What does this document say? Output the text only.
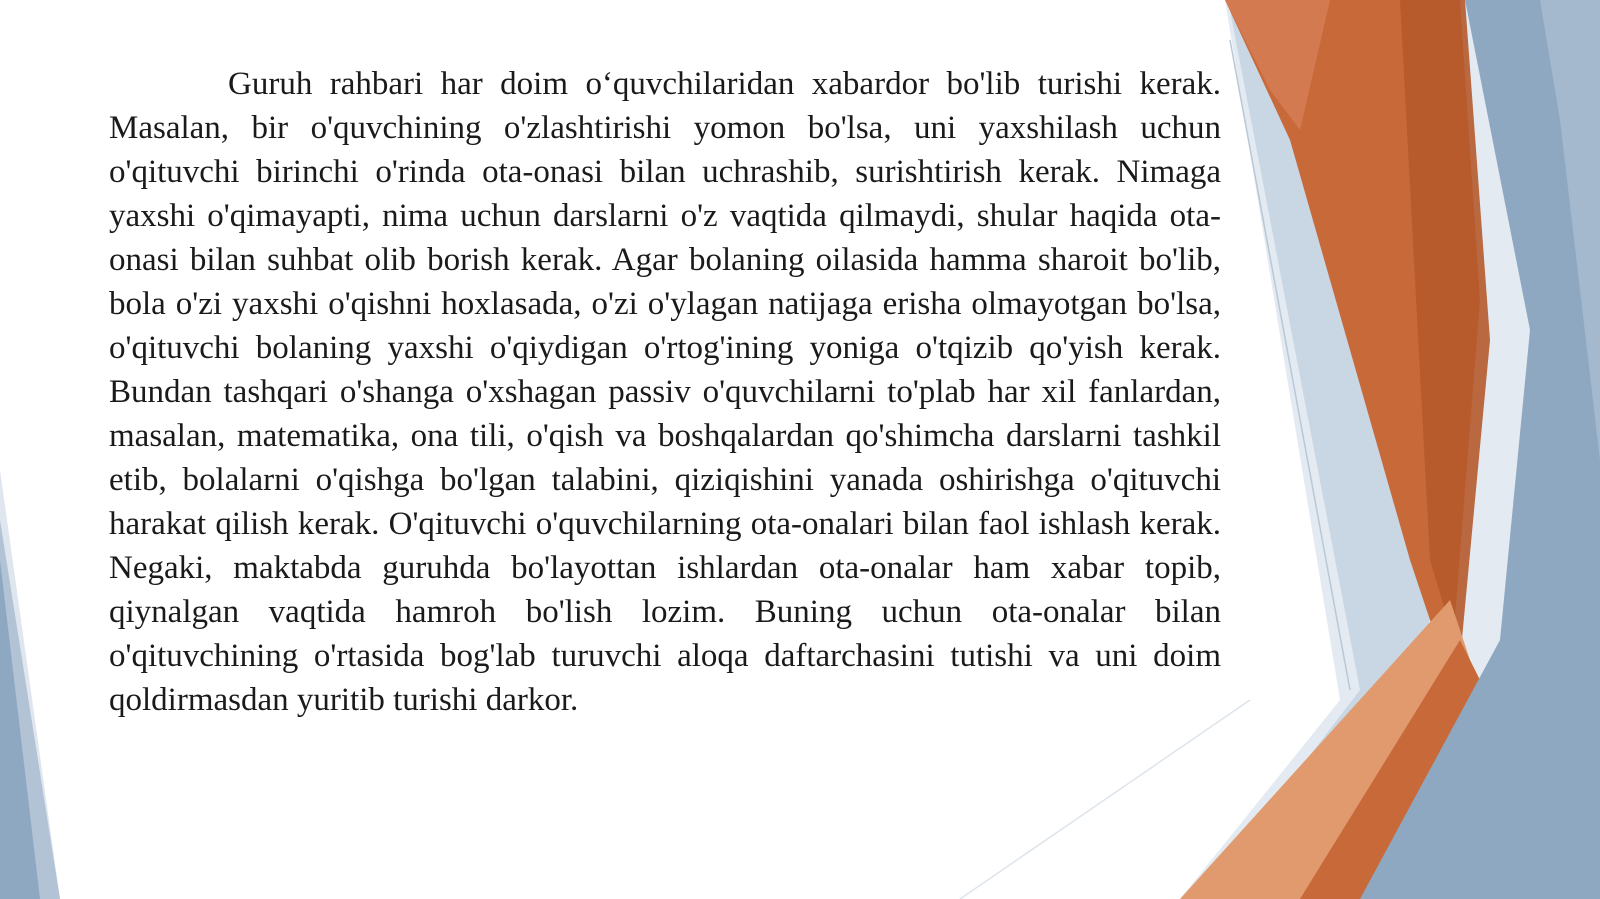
Guruh rahbari har doim o‘quvchilaridan xabardor bo'lib turishi kerak. Masalan, bir o'quvchining o'zlashtirishi yomon bo'lsa, uni yaxshilash uchun o'qituvchi birinchi o'rinda ota-onasi bilan uchrashib, surishtirish kerak. Nimaga yaxshi o'qimayapti, nima uchun darslarni o'z vaqtida qilmaydi, shular haqida ota-onasi bilan suhbat olib borish kerak. Agar bolaning oilasida hamma sharoit bo'lib, bola o'zi yaxshi o'qishni hoxlasada, o'zi o'ylagan natijaga erisha olmayotgan bo'lsa, o'qituvchi bolaning yaxshi o'qiydigan o'rtog'ining yoniga o'tqizib qo'yish kerak. Bundan tashqari o'shanga o'xshagan passiv o'quvchilarni to'plab har xil fanlardan, masalan, matematika, ona tili, o'qish va boshqalardan qo'shimcha darslarni tashkil etib, bolalarni o'qishga bo'lgan talabini, qiziqishini yanada oshirishga o'qituvchi harakat qilish kerak. O'qituvchi o'quvchilarning ota-onalari bilan faol ishlash kerak. Negaki, maktabda guruhda bo'layottan ishlardan ota-onalar ham xabar topib, qiynalgan vaqtida hamroh bo'lish lozim. Buning uchun ota-onalar bilan o'qituvchining o'rtasida bog'lab turuvchi aloqa daftarchasini tutishi va uni doim qoldirmasdan yuritib turishi darkor.
